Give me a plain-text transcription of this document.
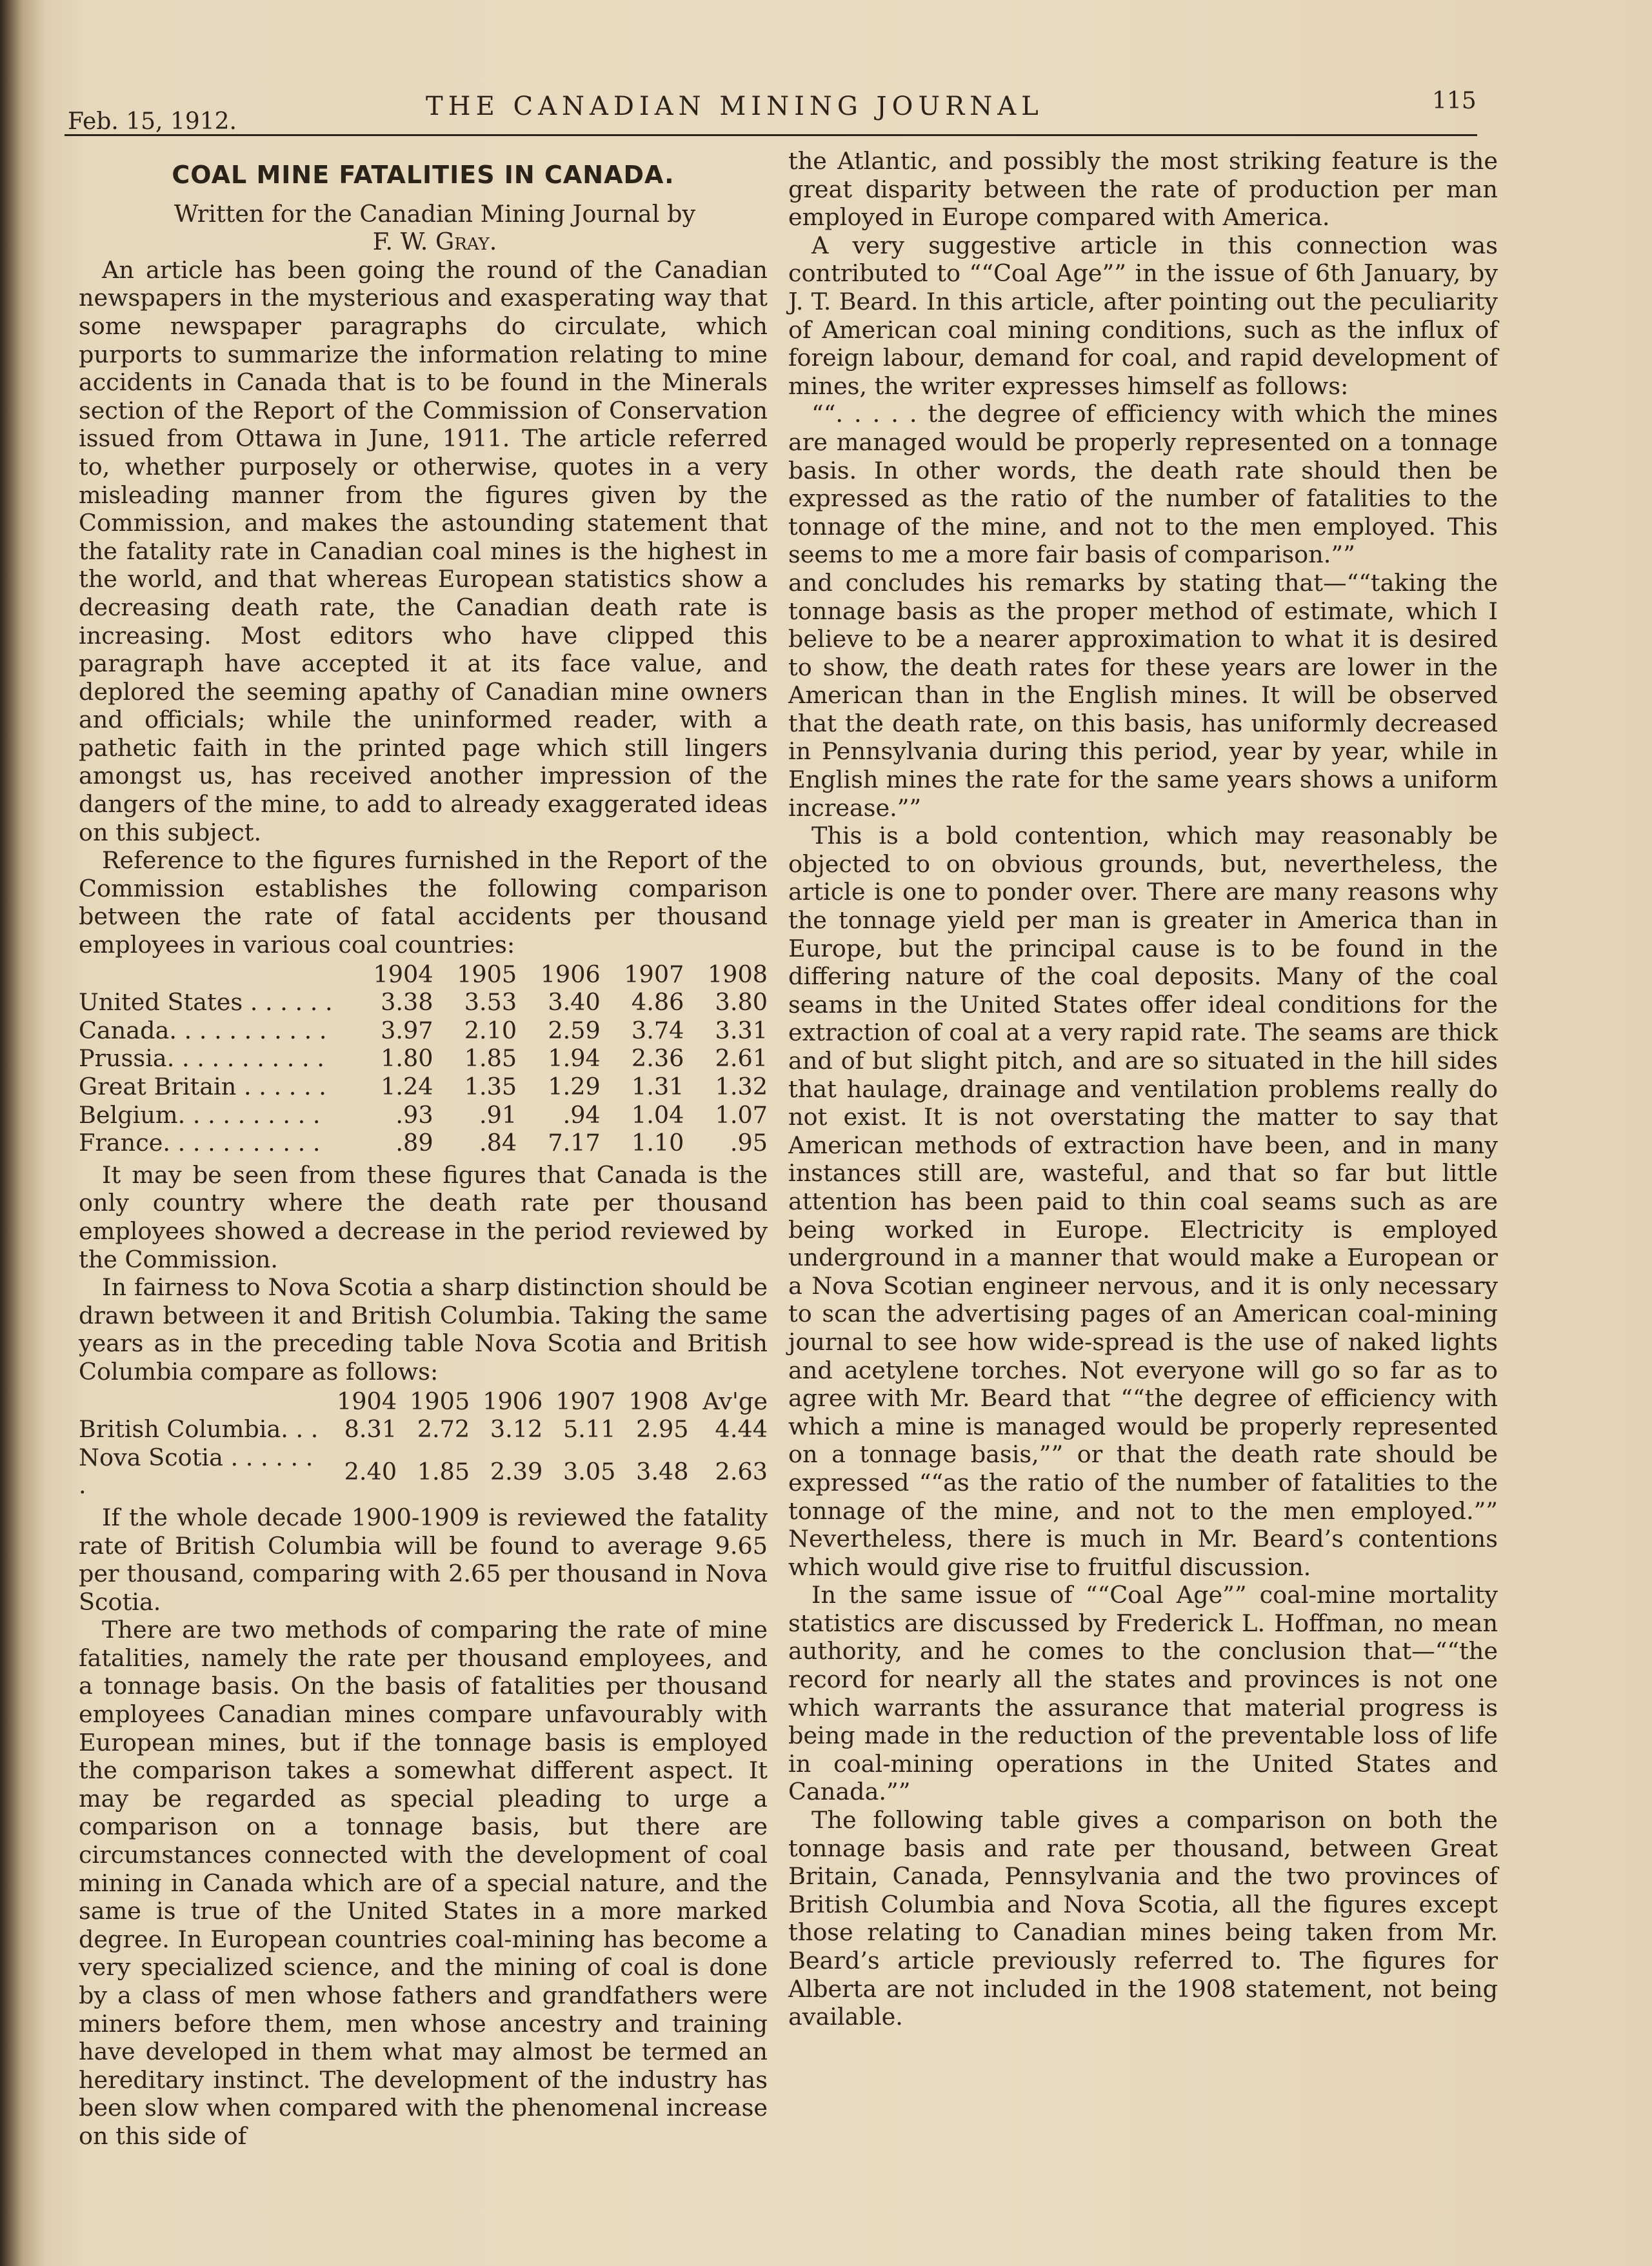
Feb. 15, 1912.
THE CANADIAN MINING JOURNAL	115
COAL MINE FATALITIES IN CANADA.

Written for the Canadian Mining Journal by

F. W. Gray.

An article has been going the round of the Canadian newspapers in the mysterious and exasperating way that some newspaper paragraphs do circulate, which purports to summarize the information relating to mine accidents in Canada that is to be found in the Minerals section of the Report of the Commission of Conservation issued from Ottawa in June, 1911. The article referred to, whether purposely or otherwise, quotes in a very misleading manner from the figures given by the Commission, and makes the astounding statement that the fatality rate in Canadian coal mines is the highest in the world, and that whereas European statistics show a decreasing death rate, the Canadian death rate is increasing. Most editors who have clipped this paragraph have accepted it at its face value, and deplored the seeming apathy of Canadian mine owners and officials; while the uninformed reader, with a pathetic faith in the printed page which still lingers amongst us, has received another impression of the dangers of the mine, to add to already exaggerated ideas on this subject.

Reference to the figures furnished in the Report of the Commission establishes the following comparison between the rate of fatal accidents per thousand employees in various coal countries:

	1904	1905	1906	1907	1908
United States . . . . . .	3.38	3.53	3.40	4.86	3.80
Canada. . . . . . . . . . .	3.97	2.10	2.59	3.74	3.31
Prussia. . . . . . . . . . .	1.80	1.85	1.94	2.36	2.61
Great Britain . . . . . .	1.24	1.35	1.29	1.31	1.32
Belgium. . . . . . . . . .	.93	.91	.94	1.04	1.07
France. . . . . . . . . . .	.89	.84	7.17	1.10	.95

It may be seen from these figures that Canada is the only country where the death rate per thousand employees showed a decrease in the period reviewed by the Commission.

In fairness to Nova Scotia a sharp distinction should be drawn between it and British Columbia. Taking the same years as in the preceding table Nova Scotia and British Columbia compare as follows:

	1904	1905	1906	1907	1908	Av'ge
British Columbia. . .	8.31	2.72	3.12	5.11	2.95	4.44
Nova Scotia . . . . . . .	2.40	1.85	2.39	3.05	3.48	2.63

If the whole decade 1900-1909 is reviewed the fatality rate of British Columbia will be found to average 9.65 per thousand, comparing with 2.65 per thousand in Nova Scotia.

There are two methods of comparing the rate of mine fatalities, namely the rate per thousand employees, and a tonnage basis. On the basis of fatalities per thousand employees Canadian mines compare unfavourably with European mines, but if the tonnage basis is employed the comparison takes a somewhat different aspect. It may be regarded as special pleading to urge a comparison on a tonnage basis, but there are circumstances connected with the development of coal mining in Canada which are of a special nature, and the same is true of the United States in a more marked degree. In European countries coal-mining has become a very specialized science, and the mining of coal is done by a class of men whose fathers and grandfathers were miners before them, men whose ancestry and training have developed in them what may almost be termed an hereditary instinct. The development of the industry has been slow when compared with the phenomenal increase on this side of

the Atlantic, and possibly the most striking feature is the great disparity between the rate of production per man employed in Europe compared with America.

A very suggestive article in this connection was contributed to ““Coal Age”” in the issue of 6th January, by J. T. Beard. In this article, after pointing out the peculiarity of American coal mining conditions, such as the influx of foreign labour, demand for coal, and rapid development of mines, the writer expresses himself as follows:

““. . . . . the degree of efficiency with which the mines are managed would be properly represented on a tonnage basis. In other words, the death rate should then be expressed as the ratio of the number of fatalities to the tonnage of the mine, and not to the men employed. This seems to me a more fair basis of comparison.””

and concludes his remarks by stating that—““taking the tonnage basis as the proper method of estimate, which I believe to be a nearer approximation to what it is desired to show, the death rates for these years are lower in the American than in the English mines. It will be observed that the death rate, on this basis, has uniformly decreased in Pennsylvania during this period, year by year, while in English mines the rate for the same years shows a uniform increase.””

This is a bold contention, which may reasonably be objected to on obvious grounds, but, nevertheless, the article is one to ponder over. There are many reasons why the tonnage yield per man is greater in America than in Europe, but the principal cause is to be found in the differing nature of the coal deposits. Many of the coal seams in the United States offer ideal conditions for the extraction of coal at a very rapid rate. The seams are thick and of but slight pitch, and are so situated in the hill sides that haulage, drainage and ventilation problems really do not exist. It is not overstating the matter to say that American methods of extraction have been, and in many instances still are, wasteful, and that so far but little attention has been paid to thin coal seams such as are being worked in Europe. Electricity is employed underground in a manner that would make a European or a Nova Scotian engineer nervous, and it is only necessary to scan the advertising pages of an American coal-mining journal to see how wide-spread is the use of naked lights and acetylene torches. Not everyone will go so far as to agree with Mr. Beard that ““the degree of efficiency with which a mine is managed would be properly represented on a tonnage basis,”” or that the death rate should be expressed ““as the ratio of the number of fatalities to the tonnage of the mine, and not to the men employed.”” Nevertheless, there is much in Mr. Beard’s contentions which would give rise to fruitful discussion.

In the same issue of ““Coal Age”” coal-mine mortality statistics are discussed by Frederick L. Hoffman, no mean authority, and he comes to the conclusion that—““the record for nearly all the states and provinces is not one which warrants the assurance that material progress is being made in the reduction of the preventable loss of life in coal-mining operations in the United States and Canada.””

The following table gives a comparison on both the tonnage basis and rate per thousand, between Great Britain, Canada, Pennsylvania and the two provinces of British Columbia and Nova Scotia, all the figures except those relating to Canadian mines being taken from Mr. Beard’s article previously referred to. The figures for Alberta are not included in the 1908 statement, not being available.
